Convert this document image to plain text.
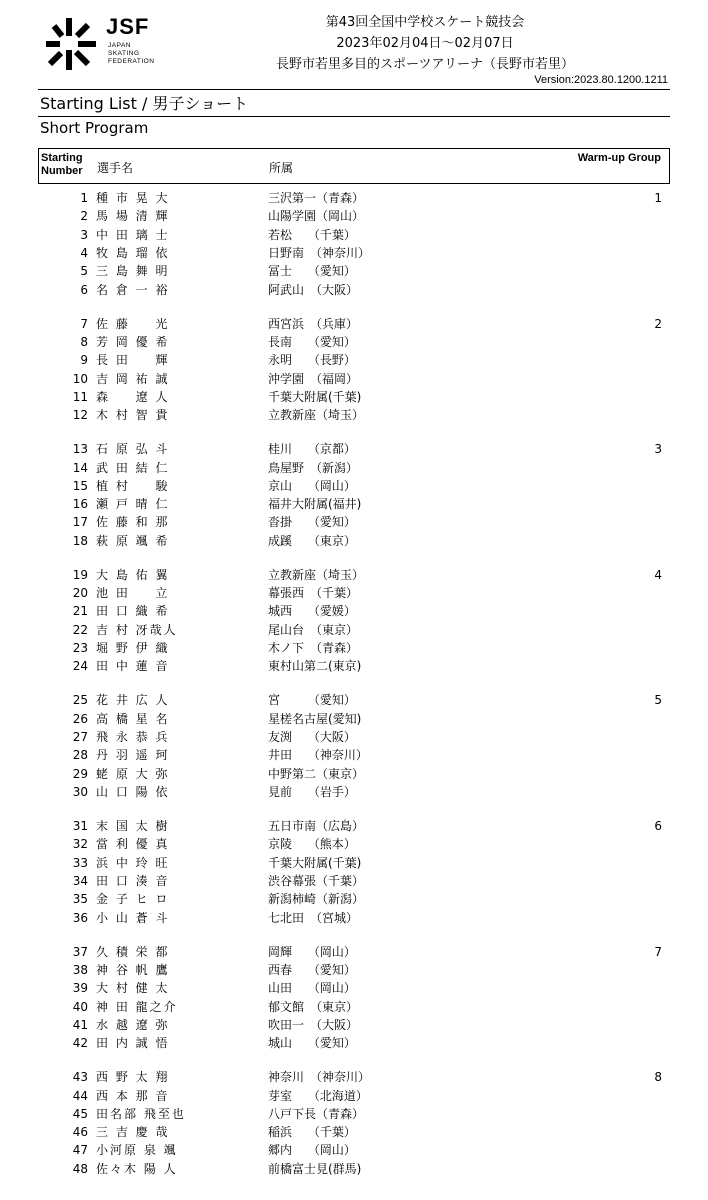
JSF
JAPAN
SKATING
FEDERATION
第43回全国中学校スケート競技会
2023年02月04日～02月07日
長野市若里多目的スポーツアリーナ（長野市若里）
Version:2023.80.1200.1211
Starting List / 男子ショート
Short Program
Starting Number	選手名	所属
Warm-up Group
1 種 市 晃 大	三沢第一（青森）	1
2 馬 場 清 輝	山陽学園（岡山）
3 中 田 璃 士	若松　 （千葉）
4 牧 島 瑠 依	日野南　（神奈川）
5 三 島 舞 明	冨士　 （愛知）
6 名 倉 一 裕	阿武山　（大阪）
7 佐 藤 　 光	西宮浜　（兵庫）	2
8 芳 岡 優 希	長南　 （愛知）
9 長 田 　 輝	永明　 （長野）
10 吉 岡 祐 誠	沖学園　（福岡）
11 森 　 遼 人	千葉大附属(千葉)
12 木 村 智 貴	立教新座（埼玉）
13 石 原 弘 斗	桂川　 （京都）	3
14 武 田 結 仁	鳥屋野　（新潟）
15 植 村 　 駿	京山　 （岡山）
16 瀬 戸 晴 仁	福井大附属(福井)
17 佐 藤 和 那	沓掛　 （愛知）
18 萩 原 颯 希	成蹊　 （東京）
19 大 島 佑 翼	立教新座（埼玉）	4
20 池 田 　 立	幕張西　（千葉）
21 田 口 織 希	城西　 （愛媛）
22 吉 村 冴哉人	尾山台　（東京）
23 堀 野 伊 織	木ノ下　（青森）
24 田 中 蓮 音	東村山第二(東京)
25 花 井 広 人	宮　　 （愛知）	5
26 高 橋 星 名	星槎名古屋(愛知)
27 飛 永 恭 兵	友渕　 （大阪）
28 丹 羽 遥 珂	井田　 （神奈川）
29 蛯 原 大 弥	中野第二（東京）
30 山 口 陽 依	見前　 （岩手）
31 末 国 太 樹	五日市南（広島）	6
32 當 利 優 真	京陵　 （熊本）
33 浜 中 玲 旺	千葉大附属(千葉)
34 田 口 湊 音	渋谷幕張（千葉）
35 金 子 ヒ ロ	新潟柿崎（新潟）
36 小 山 蒼 斗	七北田　（宮城）
37 久 積 栄 都	岡輝　 （岡山）	7
38 神 谷 帆 鷹	西春　 （愛知）
39 大 村 健 太	山田　 （岡山）
40 神 田 龍之介	郁文館　（東京）
41 水 越 遼 弥	吹田一　（大阪）
42 田 内 誠 悟	城山　 （愛知）
43 西 野 太 翔	神奈川　（神奈川）	8
44 西 本 那 音	芽室　 （北海道）
45 田名部 飛至也	八戸下長（青森）
46 三 吉 慶 哉	稲浜　 （千葉）
47 小河原 泉 颯	郷内　 （岡山）
48 佐々木 陽 人	前橋富士見(群馬)
